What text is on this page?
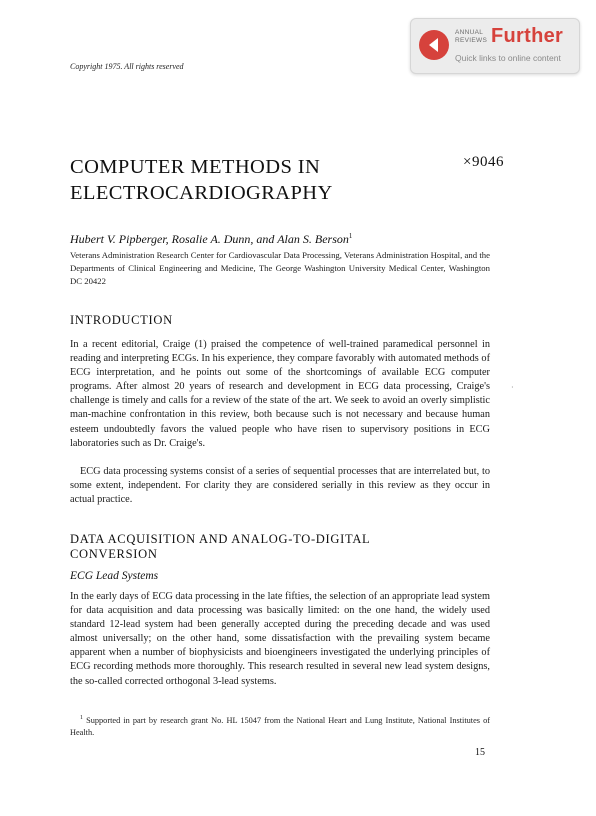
Copyright 1975. All rights reserved
ANNUAL
REVIEWS Further
Quick links to online content
COMPUTER METHODS IN
ELECTROCARDIOGRAPHY
×9046
Hubert V. Pipberger, Rosalie A. Dunn, and Alan S. Berson$^1$
Veterans Administration Research Center for Cardiovascular Data Processing, Veterans Administration Hospital, and the Departments of Clinical Engineering and Medicine, The George Washington University Medical Center, Washington DC 20422
INTRODUCTION
In a recent editorial, Craige (1) praised the competence of well-trained paramedical personnel in reading and interpreting ECGs. In his experience, they compare favorably with automated methods of ECG interpretation, and he points out some of the shortcomings of available ECG computer programs. After almost 20 years of research and development in ECG data processing, Craige's challenge is timely and calls for a review of the state of the art. We seek to avoid an overly simplistic man-machine confrontation in this review, both because such is not necessary and because human esteem undoubtedly favors the valued people who have risen to supervisory positions in ECG laboratories such as Dr. Craige's.
ECG data processing systems consist of a series of sequential processes that are interrelated but, to some extent, independent. For clarity they are considered serially in this review as they occur in actual practice.
DATA ACQUISITION AND ANALOG-TO-DIGITAL
CONVERSION
ECG Lead Systems
In the early days of ECG data processing in the late fifties, the selection of an appropriate lead system for data acquisition and data processing was basically limited: on the one hand, the widely used standard 12-lead system had been generally accepted during the preceding decade and was used almost universally; on the other hand, some dissatisfaction with the prevailing system became apparent when a number of biophysicists and bioengineers investigated the underlying principles of ECG recording methods more thoroughly. This research resulted in several new lead system designs, the so-called corrected orthogonal 3-lead systems.
$^1$ Supported in part by research grant No. HL 15047 from the National Heart and Lung Institute, National Institutes of Health.
15
·
